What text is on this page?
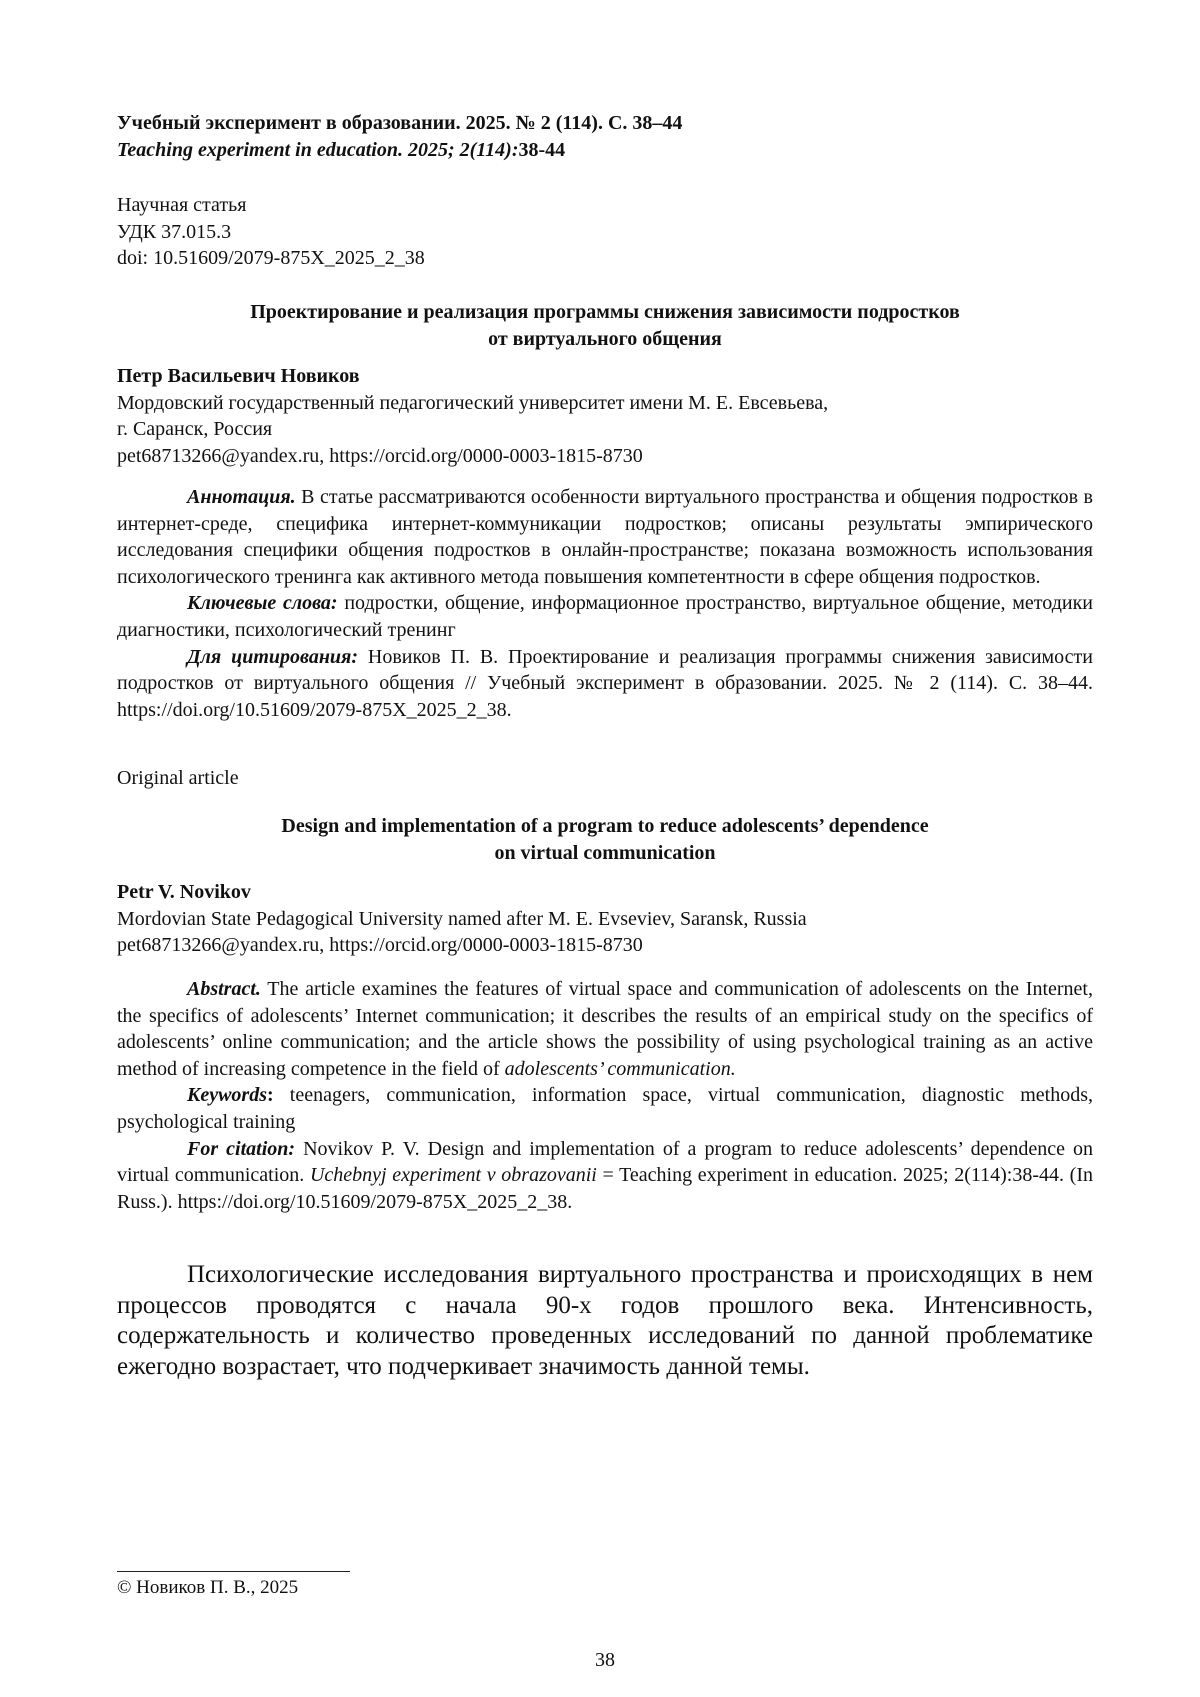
Учебный эксперимент в образовании. 2025. № 2 (114). С. 38–44
Teaching experiment in education. 2025; 2(114):38-44
Научная статья
УДК 37.015.3
doi: 10.51609/2079-875X_2025_2_38
Проектирование и реализация программы снижения зависимости подростков
от виртуального общения
Петр Васильевич Новиков
Мордовский государственный педагогический университет имени М. Е. Евсевьева,
г. Саранск, Россия
pet68713266@yandex.ru, https://orcid.org/0000-0003-1815-8730

Аннотация. В статье рассматриваются особенности виртуального пространства и общения подростков в интернет-среде, специфика интернет-коммуникации подростков; описаны результаты эмпирического исследования специфики общения подростков в онлайн-пространстве; показана возможность использования психологического тренинга как активного метода повышения компетентности в сфере общения подростков.

Ключевые слова: подростки, общение, информационное пространство, виртуальное общение, методики диагностики, психологический тренинг

Для цитирования: Новиков П. В. Проектирование и реализация программы снижения зависимости подростков от виртуального общения // Учебный эксперимент в образовании. 2025. № 2 (114). С. 38–44. https://doi.org/10.51609/2079-875X_2025_2_38.

Original article
Design and implementation of a program to reduce adolescents’ dependence
on virtual communication
Petr V. Novikov
Mordovian State Pedagogical University named after M. E. Evseviev, Saransk, Russia
pet68713266@yandex.ru, https://orcid.org/0000-0003-1815-8730

Abstract. The article examines the features of virtual space and communication of adolescents on the Internet, the specifics of adolescents’ Internet communication; it describes the results of an empirical study on the specifics of adolescents’ online communication; and the article shows the possibility of using psychological training as an active method of increasing competence in the field of adolescents’ communication.

Keywords: teenagers, communication, information space, virtual communication, diagnostic methods, psychological training

For citation: Novikov P. V. Design and implementation of a program to reduce adolescents’ dependence on virtual communication. Uchebnyj experiment v obrazovanii = Teaching experiment in education. 2025; 2(114):38-44. (In Russ.). https://doi.org/10.51609/2079-875X_2025_2_38.

Психологические исследования виртуального пространства и происходящих в нем процессов проводятся с начала 90-х годов прошлого века. Интенсивность, содержательность и количество проведенных исследований по данной проблематике ежегодно возрастает, что подчеркивает значимость данной темы.

© Новиков П. В., 2025
38
